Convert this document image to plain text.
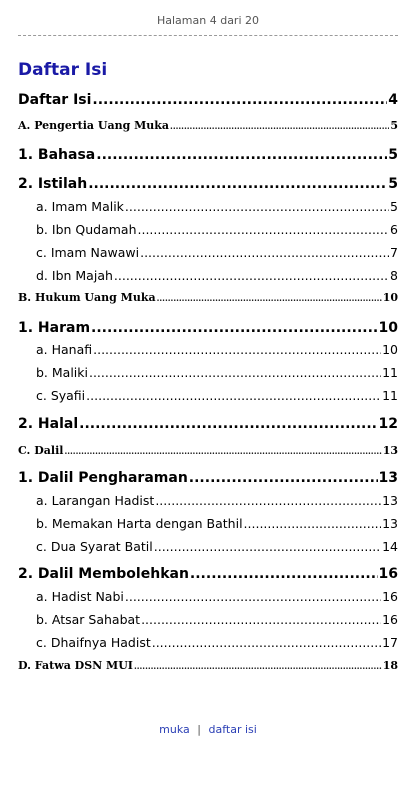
Halaman 4 dari 20
Daftar Isi
Daftar Isi .....	4
A. Pengertia Uang Muka .....	5
1. Bahasa .....	5
2. Istilah .....	5
a. Imam Malik .....	5
b. Ibn Qudamah .....	6
c. Imam Nawawi .....	7
d. Ibn Majah .....	8
B. Hukum Uang Muka .....	10
1. Haram .....	10
a. Hanafi .....	10
b. Maliki .....	11
c. Syafii .....	11
2. Halal .....	12
C. Dalil .....	13
1. Dalil Pengharaman .....	13
a. Larangan Hadist .....	13
b. Memakan Harta dengan Bathil .....	13
c. Dua Syarat Batil .....	14
2. Dalil Membolehkan .....	16
a. Hadist Nabi .....	16
b. Atsar Sahabat .....	16
c. Dhaifnya Hadist .....	17
D. Fatwa DSN MUI .....	18
muka | daftar isi
